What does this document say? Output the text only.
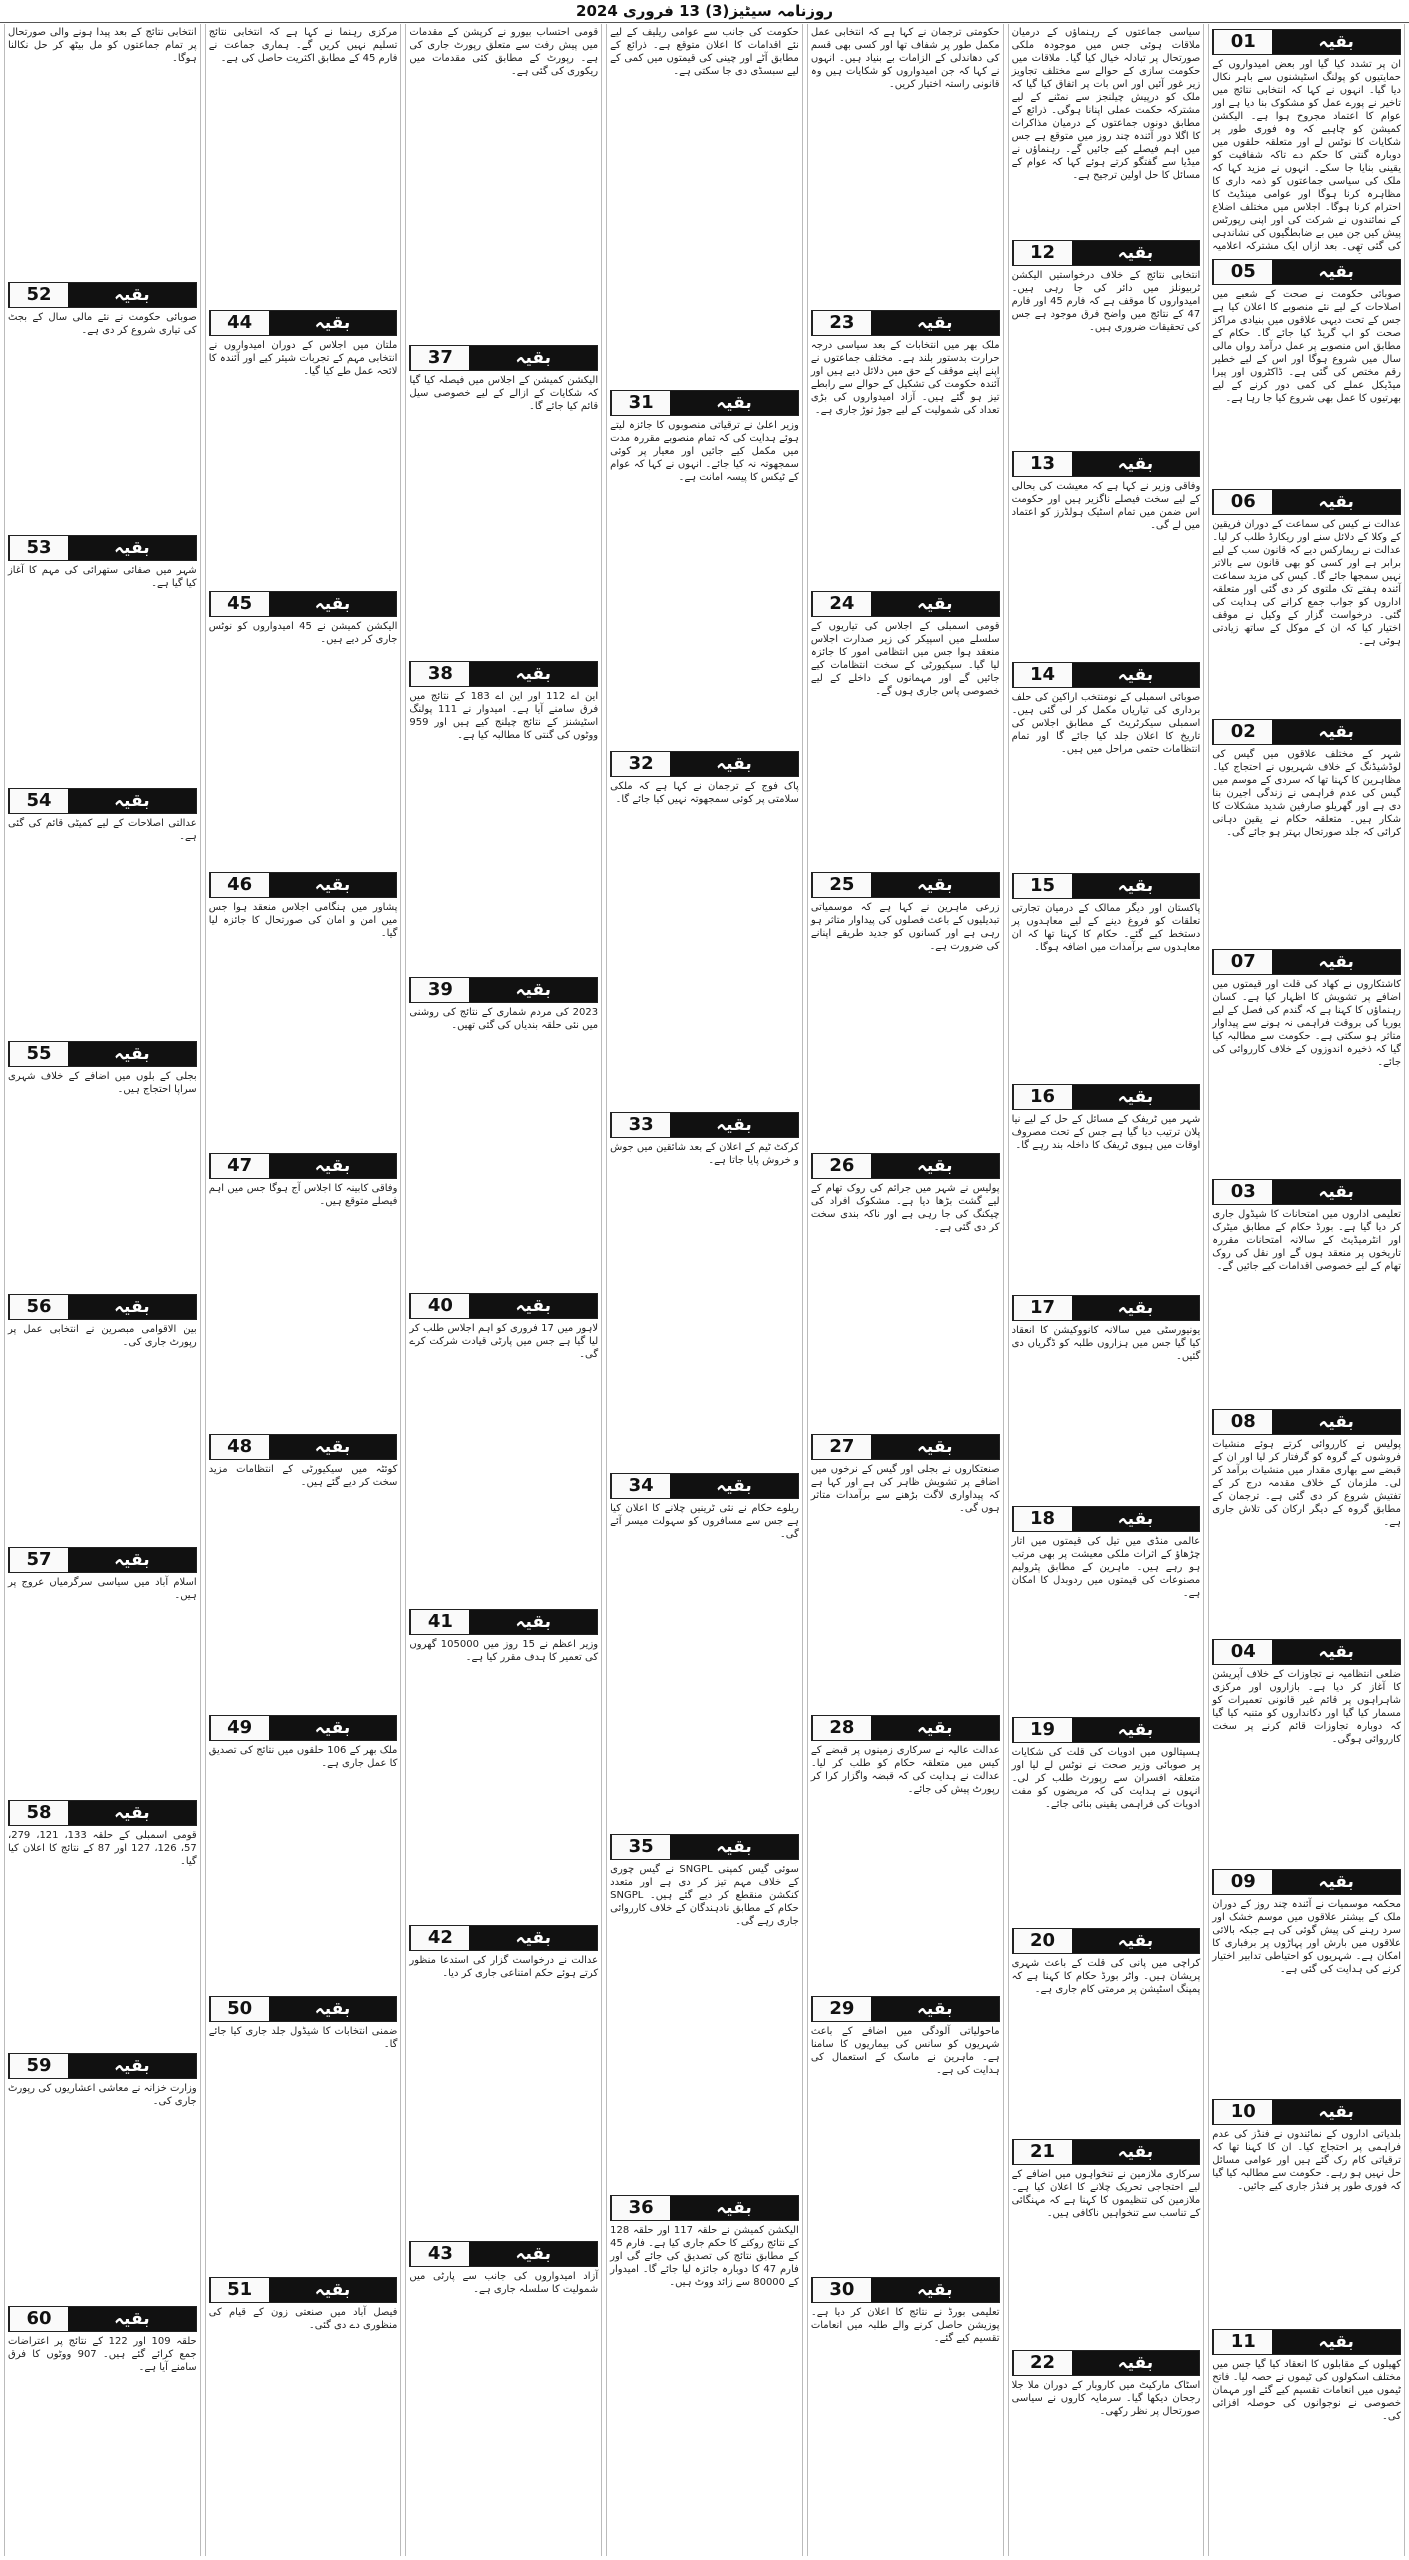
روزنامہ سیٹیز(3) 13 فروری 2024
01	بقیہ
ان پر تشدد کیا گیا اور بعض امیدواروں کے حمایتیوں کو پولنگ اسٹیشنوں سے باہر نکال دیا گیا۔ انہوں نے کہا کہ انتخابی نتائج میں تاخیر نے پورے عمل کو مشکوک بنا دیا ہے اور عوام کا اعتماد مجروح ہوا ہے۔ الیکشن کمیشن کو چاہیے کہ وہ فوری طور پر شکایات کا نوٹس لے اور متعلقہ حلقوں میں دوبارہ گنتی کا حکم دے تاکہ شفافیت کو یقینی بنایا جا سکے۔ انہوں نے مزید کہا کہ ملک کی سیاسی جماعتوں کو ذمہ داری کا مظاہرہ کرنا ہوگا اور عوامی مینڈیٹ کا احترام کرنا ہوگا۔ اجلاس میں مختلف اضلاع کے نمائندوں نے شرکت کی اور اپنی رپورٹس پیش کیں جن میں بے ضابطگیوں کی نشاندہی کی گئی تھی۔ بعد ازاں ایک مشترکہ اعلامیہ
05	بقیہ
صوبائی حکومت نے صحت کے شعبے میں اصلاحات کے لیے نئے منصوبے کا اعلان کیا ہے جس کے تحت دیہی علاقوں میں بنیادی مراکز صحت کو اپ گریڈ کیا جائے گا۔ حکام کے مطابق اس منصوبے پر عمل درآمد رواں مالی سال میں شروع ہوگا اور اس کے لیے خطیر رقم مختص کی گئی ہے۔ ڈاکٹروں اور پیرا میڈیکل عملے کی کمی دور کرنے کے لیے بھرتیوں کا عمل بھی شروع کیا جا رہا ہے۔
06	بقیہ
عدالت نے کیس کی سماعت کے دوران فریقین کے وکلا کے دلائل سنے اور ریکارڈ طلب کر لیا۔ عدالت نے ریمارکس دیے کہ قانون سب کے لیے برابر ہے اور کسی کو بھی قانون سے بالاتر نہیں سمجھا جائے گا۔ کیس کی مزید سماعت آئندہ ہفتے تک ملتوی کر دی گئی اور متعلقہ اداروں کو جواب جمع کرانے کی ہدایت کی گئی۔ درخواست گزار کے وکیل نے موقف اختیار کیا کہ ان کے موکل کے ساتھ زیادتی ہوئی ہے۔
02	بقیہ
شہر کے مختلف علاقوں میں گیس کی لوڈشیڈنگ کے خلاف شہریوں نے احتجاج کیا۔ مظاہرین کا کہنا تھا کہ سردی کے موسم میں گیس کی عدم فراہمی نے زندگی اجیرن بنا دی ہے اور گھریلو صارفین شدید مشکلات کا شکار ہیں۔ متعلقہ حکام نے یقین دہانی کرائی کہ جلد صورتحال بہتر ہو جائے گی۔
07	بقیہ
کاشتکاروں نے کھاد کی قلت اور قیمتوں میں اضافے پر تشویش کا اظہار کیا ہے۔ کسان رہنماؤں کا کہنا ہے کہ گندم کی فصل کے لیے یوریا کی بروقت فراہمی نہ ہونے سے پیداوار متاثر ہو سکتی ہے۔ حکومت سے مطالبہ کیا گیا کہ ذخیرہ اندوزوں کے خلاف کارروائی کی جائے۔
03	بقیہ
تعلیمی اداروں میں امتحانات کا شیڈول جاری کر دیا گیا ہے۔ بورڈ حکام کے مطابق میٹرک اور انٹرمیڈیٹ کے سالانہ امتحانات مقررہ تاریخوں پر منعقد ہوں گے اور نقل کی روک تھام کے لیے خصوصی اقدامات کیے جائیں گے۔
08	بقیہ
پولیس نے کارروائی کرتے ہوئے منشیات فروشوں کے گروہ کو گرفتار کر لیا اور ان کے قبضے سے بھاری مقدار میں منشیات برآمد کر لی۔ ملزمان کے خلاف مقدمہ درج کر کے تفتیش شروع کر دی گئی ہے۔ ترجمان کے مطابق گروہ کے دیگر ارکان کی تلاش جاری ہے۔
04	بقیہ
ضلعی انتظامیہ نے تجاوزات کے خلاف آپریشن کا آغاز کر دیا ہے۔ بازاروں اور مرکزی شاہراہوں پر قائم غیر قانونی تعمیرات کو مسمار کیا گیا اور دکانداروں کو متنبہ کیا گیا کہ دوبارہ تجاوزات قائم کرنے پر سخت کارروائی ہوگی۔
09	بقیہ
محکمہ موسمیات نے آئندہ چند روز کے دوران ملک کے بیشتر علاقوں میں موسم خشک اور سرد رہنے کی پیش گوئی کی ہے جبکہ بالائی علاقوں میں بارش اور پہاڑوں پر برفباری کا امکان ہے۔ شہریوں کو احتیاطی تدابیر اختیار کرنے کی ہدایت کی گئی ہے۔
10	بقیہ
بلدیاتی اداروں کے نمائندوں نے فنڈز کی عدم فراہمی پر احتجاج کیا۔ ان کا کہنا تھا کہ ترقیاتی کام رک گئے ہیں اور عوامی مسائل حل نہیں ہو رہے۔ حکومت سے مطالبہ کیا گیا کہ فوری طور پر فنڈز جاری کیے جائیں۔
11	بقیہ
کھیلوں کے مقابلوں کا انعقاد کیا گیا جس میں مختلف اسکولوں کی ٹیموں نے حصہ لیا۔ فاتح ٹیموں میں انعامات تقسیم کیے گئے اور مہمان خصوصی نے نوجوانوں کی حوصلہ افزائی کی۔
سیاسی جماعتوں کے رہنماؤں کے درمیان ملاقات ہوئی جس میں موجودہ ملکی صورتحال پر تبادلہ خیال کیا گیا۔ ملاقات میں حکومت سازی کے حوالے سے مختلف تجاویز زیر غور آئیں اور اس بات پر اتفاق کیا گیا کہ ملک کو درپیش چیلنجز سے نمٹنے کے لیے مشترکہ حکمت عملی اپنانا ہوگی۔ ذرائع کے مطابق دونوں جماعتوں کے درمیان مذاکرات کا اگلا دور آئندہ چند روز میں متوقع ہے جس میں اہم فیصلے کیے جائیں گے۔ رہنماؤں نے میڈیا سے گفتگو کرتے ہوئے کہا کہ عوام کے مسائل کا حل اولین ترجیح ہے۔
12	بقیہ
انتخابی نتائج کے خلاف درخواستیں الیکشن ٹربیونلز میں دائر کی جا رہی ہیں۔ امیدواروں کا موقف ہے کہ فارم 45 اور فارم 47 کے نتائج میں واضح فرق موجود ہے جس کی تحقیقات ضروری ہیں۔
13	بقیہ
وفاقی وزیر نے کہا ہے کہ معیشت کی بحالی کے لیے سخت فیصلے ناگزیر ہیں اور حکومت اس ضمن میں تمام اسٹیک ہولڈرز کو اعتماد میں لے گی۔
14	بقیہ
صوبائی اسمبلی کے نومنتخب اراکین کی حلف برداری کی تیاریاں مکمل کر لی گئی ہیں۔ اسمبلی سیکرٹریٹ کے مطابق اجلاس کی تاریخ کا اعلان جلد کیا جائے گا اور تمام انتظامات حتمی مراحل میں ہیں۔
15	بقیہ
پاکستان اور دیگر ممالک کے درمیان تجارتی تعلقات کو فروغ دینے کے لیے معاہدوں پر دستخط کیے گئے۔ حکام کا کہنا تھا کہ ان معاہدوں سے برآمدات میں اضافہ ہوگا۔
16	بقیہ
شہر میں ٹریفک کے مسائل کے حل کے لیے نیا پلان ترتیب دیا گیا ہے جس کے تحت مصروف اوقات میں ہیوی ٹریفک کا داخلہ بند رہے گا۔
17	بقیہ
یونیورسٹی میں سالانہ کانووکیشن کا انعقاد کیا گیا جس میں ہزاروں طلبہ کو ڈگریاں دی گئیں۔
18	بقیہ
عالمی منڈی میں تیل کی قیمتوں میں اتار چڑھاؤ کے اثرات ملکی معیشت پر بھی مرتب ہو رہے ہیں۔ ماہرین کے مطابق پٹرولیم مصنوعات کی قیمتوں میں ردوبدل کا امکان ہے۔
19	بقیہ
ہسپتالوں میں ادویات کی قلت کی شکایات پر صوبائی وزیر صحت نے نوٹس لے لیا اور متعلقہ افسران سے رپورٹ طلب کر لی۔ انہوں نے ہدایت کی کہ مریضوں کو مفت ادویات کی فراہمی یقینی بنائی جائے۔
20	بقیہ
کراچی میں پانی کی قلت کے باعث شہری پریشان ہیں۔ واٹر بورڈ حکام کا کہنا ہے کہ پمپنگ اسٹیشن پر مرمتی کام جاری ہے۔
21	بقیہ
سرکاری ملازمین نے تنخواہوں میں اضافے کے لیے احتجاجی تحریک چلانے کا اعلان کیا ہے۔ ملازمین کی تنظیموں کا کہنا ہے کہ مہنگائی کے تناسب سے تنخواہیں ناکافی ہیں۔
22	بقیہ
اسٹاک مارکیٹ میں کاروبار کے دوران ملا جلا رجحان دیکھا گیا۔ سرمایہ کاروں نے سیاسی صورتحال پر نظر رکھی۔
حکومتی ترجمان نے کہا ہے کہ انتخابی عمل مکمل طور پر شفاف تھا اور کسی بھی قسم کی دھاندلی کے الزامات بے بنیاد ہیں۔ انہوں نے کہا کہ جن امیدواروں کو شکایات ہیں وہ قانونی راستہ اختیار کریں۔
23	بقیہ
ملک بھر میں انتخابات کے بعد سیاسی درجہ حرارت بدستور بلند ہے۔ مختلف جماعتوں نے اپنے اپنے موقف کے حق میں دلائل دیے ہیں اور آئندہ حکومت کی تشکیل کے حوالے سے رابطے تیز ہو گئے ہیں۔ آزاد امیدواروں کی بڑی تعداد کی شمولیت کے لیے جوڑ توڑ جاری ہے۔
24	بقیہ
قومی اسمبلی کے اجلاس کی تیاریوں کے سلسلے میں اسپیکر کی زیر صدارت اجلاس منعقد ہوا جس میں انتظامی امور کا جائزہ لیا گیا۔ سیکیورٹی کے سخت انتظامات کیے جائیں گے اور مہمانوں کے داخلے کے لیے خصوصی پاس جاری ہوں گے۔
25	بقیہ
زرعی ماہرین نے کہا ہے کہ موسمیاتی تبدیلیوں کے باعث فصلوں کی پیداوار متاثر ہو رہی ہے اور کسانوں کو جدید طریقے اپنانے کی ضرورت ہے۔
26	بقیہ
پولیس نے شہر میں جرائم کی روک تھام کے لیے گشت بڑھا دیا ہے۔ مشکوک افراد کی چیکنگ کی جا رہی ہے اور ناکہ بندی سخت کر دی گئی ہے۔
27	بقیہ
صنعتکاروں نے بجلی اور گیس کے نرخوں میں اضافے پر تشویش ظاہر کی ہے اور کہا ہے کہ پیداواری لاگت بڑھنے سے برآمدات متاثر ہوں گی۔
28	بقیہ
عدالت عالیہ نے سرکاری زمینوں پر قبضے کے کیس میں متعلقہ حکام کو طلب کر لیا۔ عدالت نے ہدایت کی کہ قبضہ واگزار کرا کر رپورٹ پیش کی جائے۔
29	بقیہ
ماحولیاتی آلودگی میں اضافے کے باعث شہریوں کو سانس کی بیماریوں کا سامنا ہے۔ ماہرین نے ماسک کے استعمال کی ہدایت کی ہے۔
30	بقیہ
تعلیمی بورڈ نے نتائج کا اعلان کر دیا ہے۔ پوزیشن حاصل کرنے والے طلبہ میں انعامات تقسیم کیے گئے۔
حکومت کی جانب سے عوامی ریلیف کے لیے نئے اقدامات کا اعلان متوقع ہے۔ ذرائع کے مطابق آٹے اور چینی کی قیمتوں میں کمی کے لیے سبسڈی دی جا سکتی ہے۔
31	بقیہ
وزیر اعلیٰ نے ترقیاتی منصوبوں کا جائزہ لیتے ہوئے ہدایت کی کہ تمام منصوبے مقررہ مدت میں مکمل کیے جائیں اور معیار پر کوئی سمجھوتہ نہ کیا جائے۔ انہوں نے کہا کہ عوام کے ٹیکس کا پیسہ امانت ہے۔
32	بقیہ
پاک فوج کے ترجمان نے کہا ہے کہ ملکی سلامتی پر کوئی سمجھوتہ نہیں کیا جائے گا۔
33	بقیہ
کرکٹ ٹیم کے اعلان کے بعد شائقین میں جوش و خروش پایا جاتا ہے۔
34	بقیہ
ریلوے حکام نے نئی ٹرینیں چلانے کا اعلان کیا ہے جس سے مسافروں کو سہولت میسر آئے گی۔
35	بقیہ
سوئی گیس کمپنی SNGPL نے گیس چوری کے خلاف مہم تیز کر دی ہے اور متعدد کنکشن منقطع کر دیے گئے ہیں۔ SNGPL حکام کے مطابق نادہندگان کے خلاف کارروائی جاری رہے گی۔
36	بقیہ
الیکشن کمیشن نے حلقہ 117 اور حلقہ 128 کے نتائج روکنے کا حکم جاری کیا ہے۔ فارم 45 کے مطابق نتائج کی تصدیق کی جائے گی اور فارم 47 کا دوبارہ جائزہ لیا جائے گا۔ امیدوار کے 80000 سے زائد ووٹ ہیں۔
قومی احتساب بیورو نے کرپشن کے مقدمات میں پیش رفت سے متعلق رپورٹ جاری کی ہے۔ رپورٹ کے مطابق کئی مقدمات میں ریکوری کی گئی ہے۔
37	بقیہ
الیکشن کمیشن کے اجلاس میں فیصلہ کیا گیا کہ شکایات کے ازالے کے لیے خصوصی سیل قائم کیا جائے گا۔
38	بقیہ
این اے 112 اور این اے 183 کے نتائج میں فرق سامنے آیا ہے۔ امیدوار نے 111 پولنگ اسٹیشنز کے نتائج چیلنج کیے ہیں اور 959 ووٹوں کی گنتی کا مطالبہ کیا ہے۔
39	بقیہ
2023 کی مردم شماری کے نتائج کی روشنی میں نئی حلقہ بندیاں کی گئی تھیں۔
40	بقیہ
لاہور میں 17 فروری کو اہم اجلاس طلب کر لیا گیا ہے جس میں پارٹی قیادت شرکت کرے گی۔
41	بقیہ
وزیر اعظم نے 15 روز میں 105000 گھروں کی تعمیر کا ہدف مقرر کیا ہے۔
42	بقیہ
عدالت نے درخواست گزار کی استدعا منظور کرتے ہوئے حکم امتناعی جاری کر دیا۔
43	بقیہ
آزاد امیدواروں کی جانب سے پارٹی میں شمولیت کا سلسلہ جاری ہے۔
مرکزی رہنما نے کہا ہے کہ انتخابی نتائج تسلیم نہیں کریں گے۔ ہماری جماعت نے فارم 45 کے مطابق اکثریت حاصل کی ہے۔
44	بقیہ
ملتان میں اجلاس کے دوران امیدواروں نے انتخابی مہم کے تجربات شیئر کیے اور آئندہ کا لائحہ عمل طے کیا گیا۔
45	بقیہ
الیکشن کمیشن نے 45 امیدواروں کو نوٹس جاری کر دیے ہیں۔
46	بقیہ
پشاور میں ہنگامی اجلاس منعقد ہوا جس میں امن و امان کی صورتحال کا جائزہ لیا گیا۔
47	بقیہ
وفاقی کابینہ کا اجلاس آج ہوگا جس میں اہم فیصلے متوقع ہیں۔
48	بقیہ
کوئٹہ میں سیکیورٹی کے انتظامات مزید سخت کر دیے گئے ہیں۔
49	بقیہ
ملک بھر کے 106 حلقوں میں نتائج کی تصدیق کا عمل جاری ہے۔
50	بقیہ
ضمنی انتخابات کا شیڈول جلد جاری کیا جائے گا۔
51	بقیہ
فیصل آباد میں صنعتی زون کے قیام کی منظوری دے دی گئی۔
انتخابی نتائج کے بعد پیدا ہونے والی صورتحال پر تمام جماعتوں کو مل بیٹھ کر حل نکالنا ہوگا۔
52	بقیہ
صوبائی حکومت نے نئے مالی سال کے بجٹ کی تیاری شروع کر دی ہے۔
53	بقیہ
شہر میں صفائی ستھرائی کی مہم کا آغاز کیا گیا ہے۔
54	بقیہ
عدالتی اصلاحات کے لیے کمیٹی قائم کی گئی ہے۔
55	بقیہ
بجلی کے بلوں میں اضافے کے خلاف شہری سراپا احتجاج ہیں۔
56	بقیہ
بین الاقوامی مبصرین نے انتخابی عمل پر رپورٹ جاری کی۔
57	بقیہ
اسلام آباد میں سیاسی سرگرمیاں عروج پر ہیں۔
58	بقیہ
قومی اسمبلی کے حلقہ 133، 121، 279، 57، 126، 127 اور 87 کے نتائج کا اعلان کیا گیا۔
59	بقیہ
وزارت خزانہ نے معاشی اعشاریوں کی رپورٹ جاری کی۔
60	بقیہ
حلقہ 109 اور 122 کے نتائج پر اعتراضات جمع کرائے گئے ہیں۔ 907 ووٹوں کا فرق سامنے آیا ہے۔
